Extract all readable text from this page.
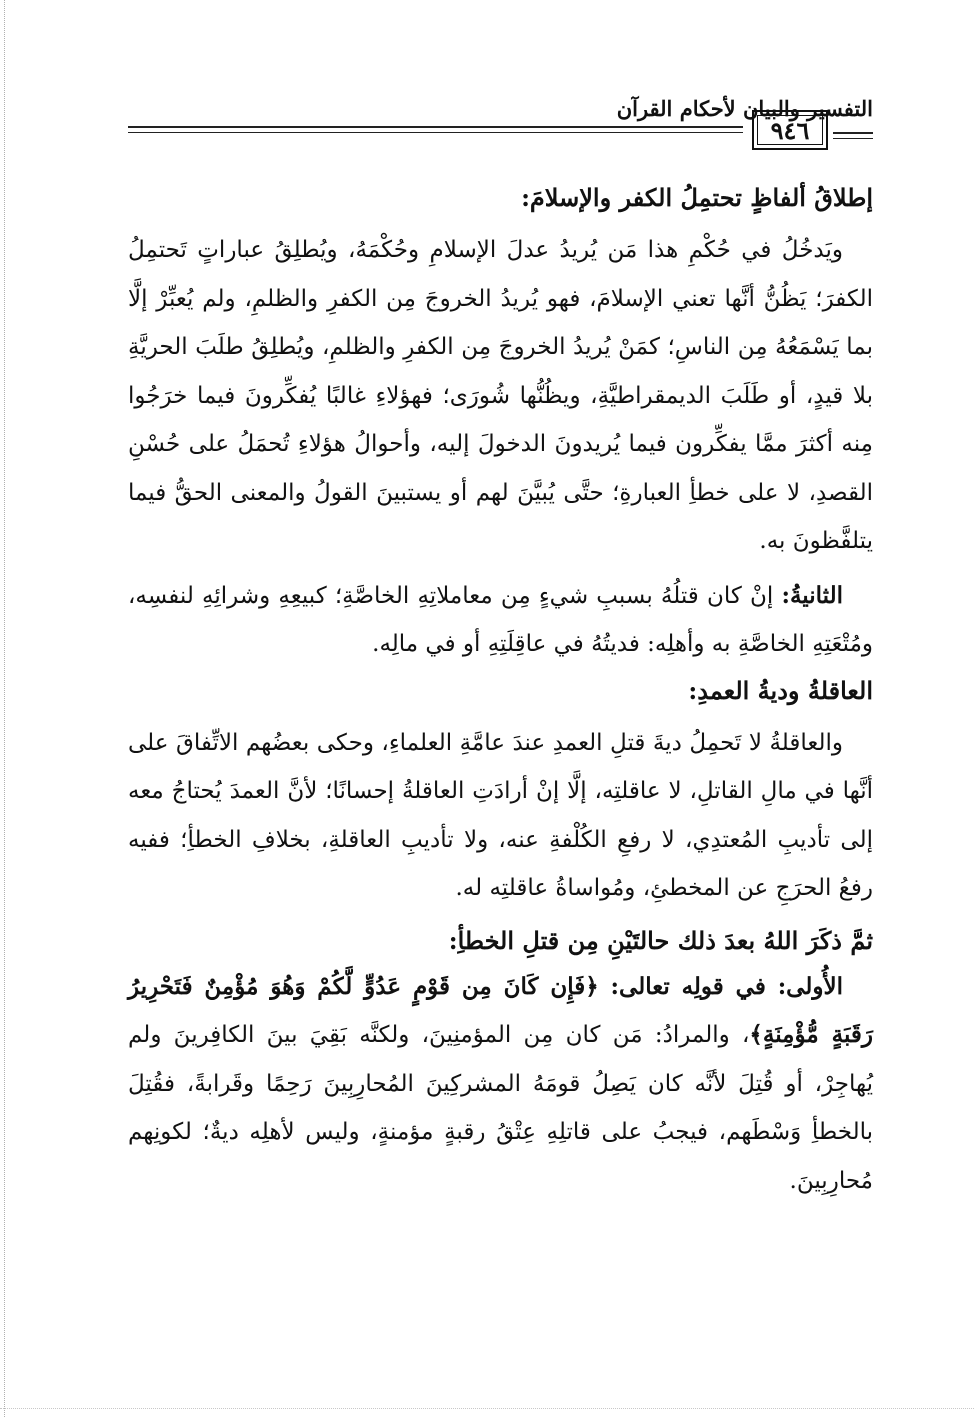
٩٤٦
التفسير والبيان لأحكام القرآن

إطلاقُ ألفاظٍ تحتمِلُ الكفر والإسلامَ:

ويَدخُلُ في حُكْمِ هذا مَن يُريدُ عدلَ الإسلامِ وحُكْمَهُ، ويُطلِقُ عباراتٍ تَحتمِلُ الكفرَ؛ يَظُنُّ أنَّها تعني الإسلامَ، فهو يُريدُ الخروجَ مِن الكفرِ والظلمِ، ولم يُعبِّرْ إلَّا بما يَسْمَعُهُ مِن الناسِ؛ كمَنْ يُريدُ الخروجَ مِن الكفرِ والظلمِ، ويُطلِقُ طلَبَ الحريَّةِ بلا قيدٍ، أو طَلَبَ الديمقراطيَّةِ، ويظُنُّها شُورَى؛ فهؤلاءِ غالبًا يُفكِّرونَ فيما خرَجُوا مِنه أكثرَ ممَّا يفكِّرون فيما يُريدونَ الدخولَ إليه، وأحوالُ هؤلاءِ تُحمَلُ على حُسْنِ القصدِ، لا على خطأِ العبارةِ؛ حتَّى يُبيَّنَ لهم أو يستبينَ القولُ والمعنى الحقُّ فيما يتلفَّظونَ به.

الثانيةُ: إنْ كان قتلُهُ بسببِ شيءٍ مِن معاملاتِهِ الخاصَّةِ؛ كبيعِهِ وشرائِهِ لنفسِه، ومُتْعَتِهِ الخاصَّةِ به وأهلِه: فديتُهُ في عاقِلَتِهِ أو في مالِه.

العاقلةُ وديةُ العمدِ:

والعاقلةُ لا تَحمِلُ ديةَ قتلِ العمدِ عندَ عامَّةِ العلماءِ، وحكى بعضُهم الاتِّفاقَ على أنَّها في مالِ القاتلِ، لا عاقلتِه، إلَّا إنْ أرادَتِ العاقلةُ إحسانًا؛ لأنَّ العمدَ يُحتاجُ معه إلى تأديبِ المُعتدِي، لا رفعِ الكُلْفةِ عنه، ولا تأديبِ العاقلةِ، بخلافِ الخطأِ؛ ففيه رفعُ الحرَجِ عن المخطئِ، ومُواساةُ عاقلتِه له.

ثمَّ ذكَرَ اللهُ بعدَ ذلك حالتَيْنِ مِن قتلِ الخطأِ:

الأُولى: في قولِه تعالى: ﴿فَإِن كَانَ مِن قَوْمٍ عَدُوٍّ لَّكُمْ وَهُوَ مُؤْمِنٌ فَتَحْرِيرُ رَقَبَةٍ مُّؤْمِنَةٍ﴾، والمرادُ: مَن كان مِن المؤمنِينَ، ولكنَّه بَقِيَ بينَ الكافِرينَ ولم يُهاجِرْ، أو قُتِلَ لأنَّه كان يَصِلُ قومَهُ المشركِينَ المُحارِبِينَ رَحِمًا وقَرابةً، فقُتِلَ بالخطأِ وَسْطَهم، فيجبُ على قاتلِهِ عِتْقُ رقبةٍ مؤمنةٍ، وليس لأهلِه ديةٌ؛ لكونِهم مُحارِبِينَ.
